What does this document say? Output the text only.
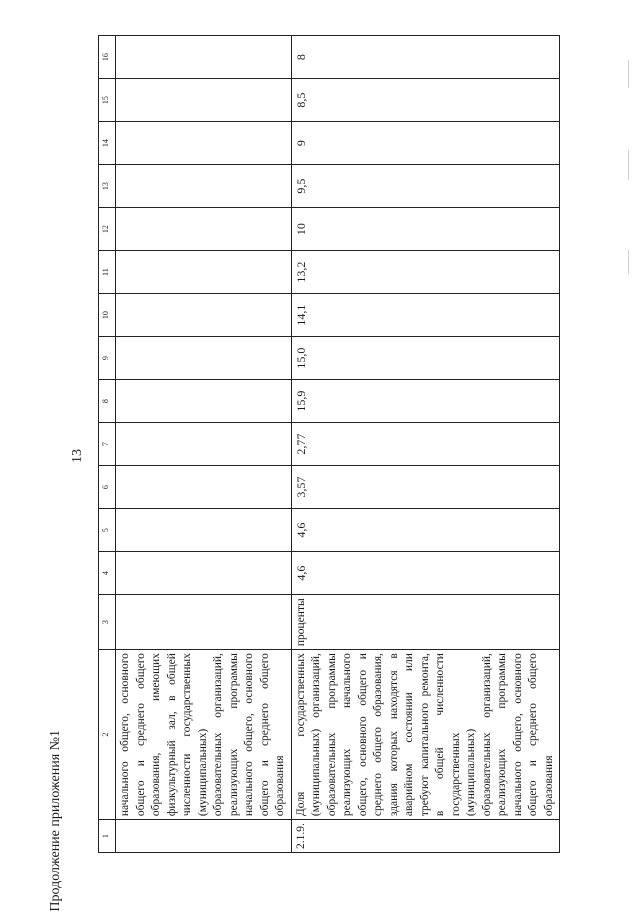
Продолжение приложения №1
13
1	2	3	4	5	6	7	8	9	10	11	12	13	14	15	16
	начального общего, основного общего и среднего общего образования, имеющих физкультурный зал, в общей численности государственных (муниципальных) образовательных организаций, реализующих программы начального общего, основного общего и среднего общего образования														
2.1.9.	Доля государственных (муниципальных) организаций, образовательных программы реализующих начального общего, основного общего и среднего общего образования, здания которых находятся в аварийном состоянии или требуют капитального ремонта, в общей численности государственных (муниципальных) образовательных организаций, реализующих программы начального общего, основного общего и среднего общего образования	проценты	4,6	4,6	3,57	2,77	15,9	15,0	14,1	13,2	10	9,5	9	8,5	8
